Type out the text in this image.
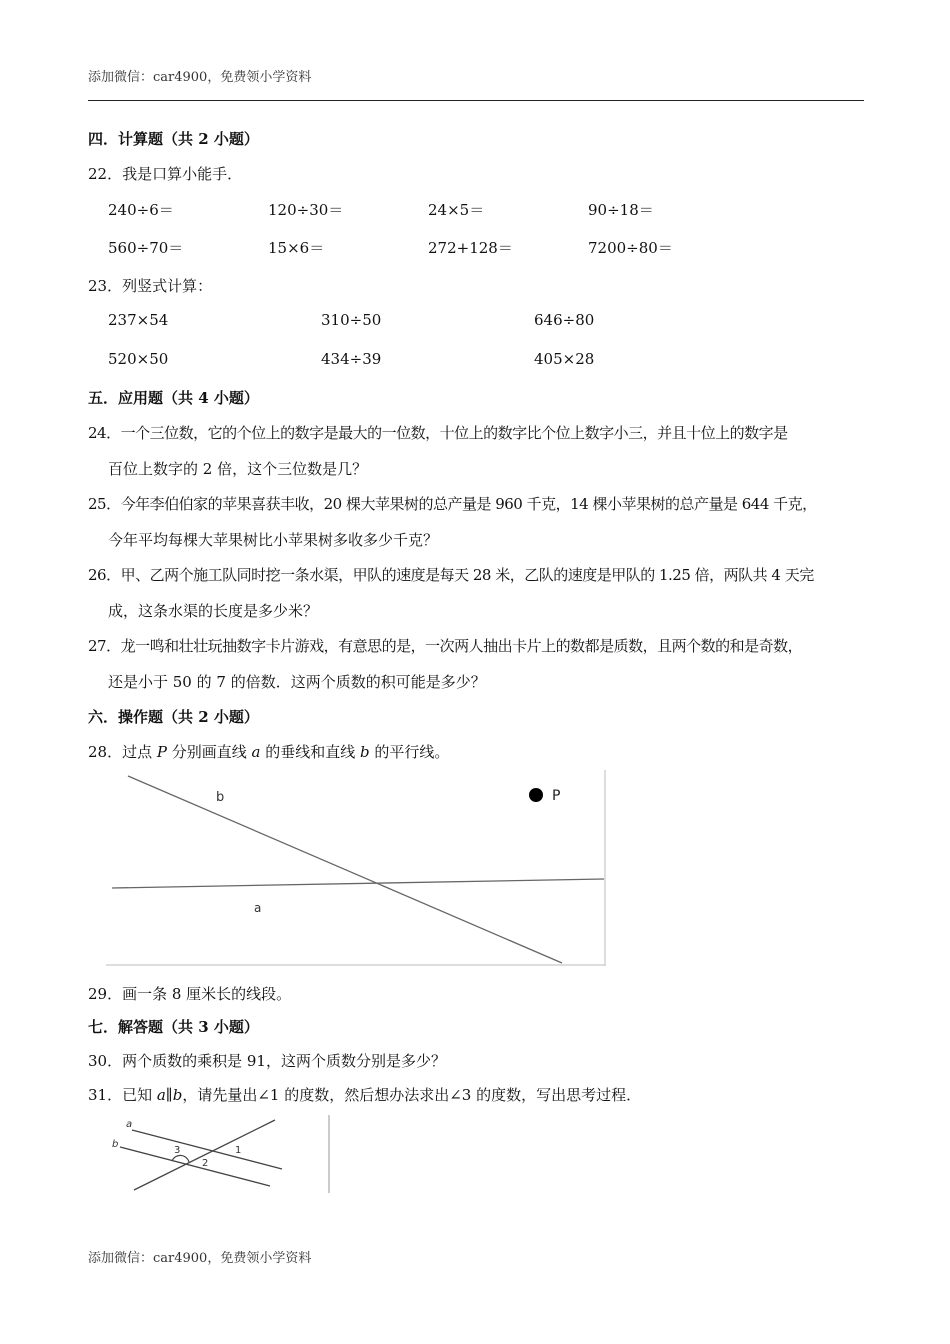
添加微信：car4900，免费领小学资料
四．计算题（共 2 小题）
22．我是口算小能手．
240÷6＝	120÷30＝	24×5＝	90÷18＝
560÷70＝	15×6＝	272+128＝	7200÷80＝
23．列竖式计算：
237×54	310÷50	646÷80
520×50	434÷39	405×28
五．应用题（共 4 小题）
24．一个三位数，它的个位上的数字是最大的一位数，十位上的数字比个位上数字小三，并且十位上的数字是
百位上数字的 2 倍，这个三位数是几？
25．今年李伯伯家的苹果喜获丰收，20 棵大苹果树的总产量是 960 千克，14 棵小苹果树的总产量是 644 千克，
今年平均每棵大苹果树比小苹果树多收多少千克？
26．甲、乙两个施工队同时挖一条水渠，甲队的速度是每天 28 米，乙队的速度是甲队的 1.25 倍，两队共 4 天完
成，这条水渠的长度是多少米？
27．龙一鸣和壮壮玩抽数字卡片游戏，有意思的是，一次两人抽出卡片上的数都是质数，且两个数的和是奇数，
还是小于 50 的 7 的倍数．这两个质数的积可能是多少？
六．操作题（共 2 小题）
28．过点 P 分别画直线 a 的垂线和直线 b 的平行线。
P
b
a
29．画一条 8 厘米长的线段。
七．解答题（共 3 小题）
30．两个质数的乘积是 91，这两个质数分别是多少？
31．已知 a∥b，请先量出∠1 的度数，然后想办法求出∠3 的度数，写出思考过程．
a
b
1
2
3
添加微信：car4900，免费领小学资料
